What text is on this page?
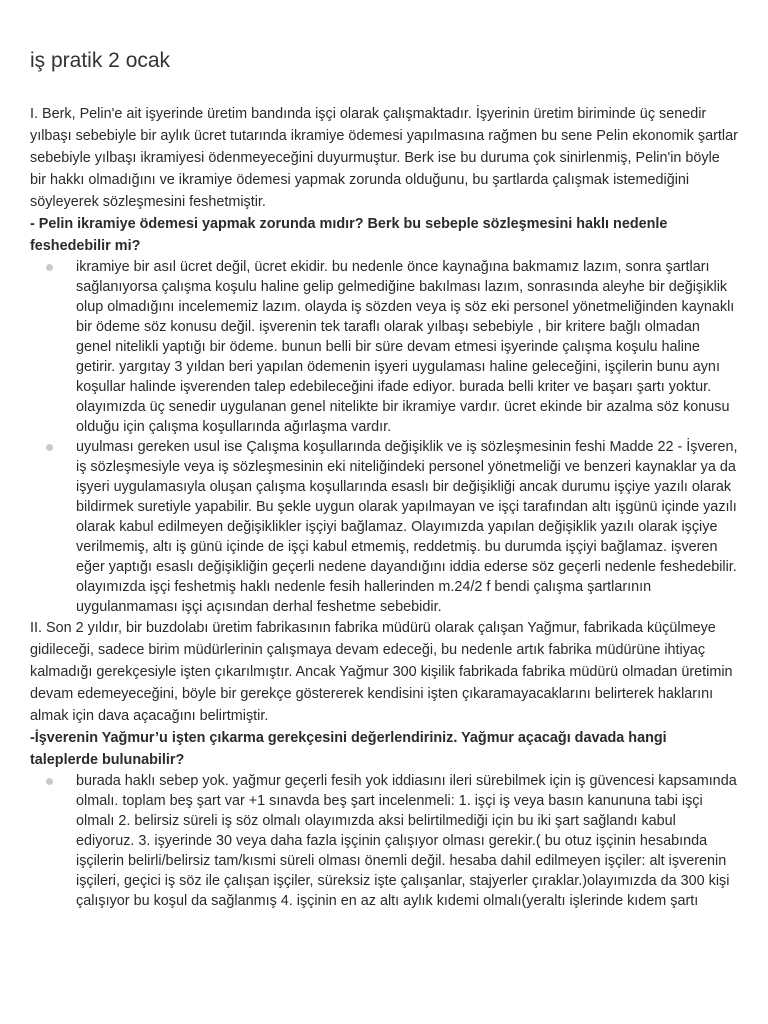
iş pratik 2 ocak

I. Berk, Pelin'e ait işyerinde üretim bandında işçi olarak çalışmaktadır. İşyerinin üretim biriminde üç senedir yılbaşı sebebiyle bir aylık ücret tutarında ikramiye ödemesi yapılmasına rağmen bu sene Pelin ekonomik şartlar sebebiyle yılbaşı ikramiyesi ödenmeyeceğini duyurmuştur. Berk ise bu duruma çok sinirlenmiş, Pelin'in böyle bir hakkı olmadığını ve ikramiye ödemesi yapmak zorunda olduğunu, bu şartlarda çalışmak istemediğini söyleyerek sözleşmesini feshetmiştir.

- Pelin ikramiye ödemesi yapmak zorunda mıdır? Berk bu sebeple sözleşmesini haklı nedenle feshedebilir mi?

ikramiye bir asıl ücret değil, ücret ekidir. bu nedenle önce kaynağına bakmamız lazım, sonra şartları sağlanıyorsa çalışma koşulu haline gelip gelmediğine bakılması lazım, sonrasında aleyhe bir değişiklik olup olmadığını incelememiz lazım. olayda iş sözden veya iş söz eki personel yönetmeliğinden kaynaklı bir ödeme söz konusu değil. işverenin tek taraflı olarak yılbaşı sebebiyle , bir kritere bağlı olmadan genel nitelikli yaptığı bir ödeme. bunun belli bir süre devam etmesi işyerinde çalışma koşulu haline getirir. yargıtay 3 yıldan beri yapılan ödemenin işyeri uygulaması haline geleceğini, işçilerin bunu aynı koşullar halinde işverenden talep edebileceğini ifade ediyor. burada belli kriter ve başarı şartı yoktur. olayımızda üç senedir uygulanan genel nitelikte bir ikramiye vardır. ücret ekinde bir azalma söz konusu olduğu için çalışma koşullarında ağırlaşma vardır.
uyulması gereken usul ise Çalışma koşullarında değişiklik ve iş sözleşmesinin feshi Madde 22 - İşveren, iş sözleşmesiyle veya iş sözleşmesinin eki niteliğindeki personel yönetmeliği ve benzeri kaynaklar ya da işyeri uygulamasıyla oluşan çalışma koşullarında esaslı bir değişikliği ancak durumu işçiye yazılı olarak bildirmek suretiyle yapabilir. Bu şekle uygun olarak yapılmayan ve işçi tarafından altı işgünü içinde yazılı olarak kabul edilmeyen değişiklikler işçiyi bağlamaz. Olayımızda yapılan değişiklik yazılı olarak işçiye verilmemiş, altı iş günü içinde de işçi kabul etmemiş, reddetmiş. bu durumda işçiyi bağlamaz. işveren eğer yaptığı esaslı değişikliğin geçerli nedene dayandığını iddia ederse söz geçerli nedenle feshedebilir. olayımızda işçi feshetmiş haklı nedenle fesih hallerinden m.24/2 f bendi çalışma şartlarının uygulanmaması işçi açısından derhal feshetme sebebidir.

II. Son 2 yıldır, bir buzdolabı üretim fabrikasının fabrika müdürü olarak çalışan Yağmur, fabrikada küçülmeye gidileceği, sadece birim müdürlerinin çalışmaya devam edeceği, bu nedenle artık fabrika müdürüne ihtiyaç kalmadığı gerekçesiyle işten çıkarılmıştır. Ancak Yağmur 300 kişilik fabrikada fabrika müdürü olmadan üretimin devam edemeyeceğini, böyle bir gerekçe göstererek kendisini işten çıkaramayacaklarını belirterek haklarını almak için dava açacağını belirtmiştir.

-İşverenin Yağmur’u işten çıkarma gerekçesini değerlendiriniz. Yağmur açacağı davada hangi taleplerde bulunabilir?

burada haklı sebep yok. yağmur geçerli fesih yok iddiasını ileri sürebilmek için iş güvencesi kapsamında olmalı. toplam beş şart var +1 sınavda beş şart incelenmeli: 1. işçi iş veya basın kanununa tabi işçi olmalı 2. belirsiz süreli iş söz olmalı olayımızda aksi belirtilmediği için bu iki şart sağlandı kabul ediyoruz. 3. işyerinde 30 veya daha fazla işçinin çalışıyor olması gerekir.( bu otuz işçinin hesabında işçilerin belirli/belirsiz tam/kısmi süreli olması önemli değil. hesaba dahil edilmeyen işçiler: alt işverenin işçileri, geçici iş söz ile çalışan işçiler, süreksiz işte çalışanlar, stajyerler çıraklar.)olayımızda da 300 kişi çalışıyor bu koşul da sağlanmış 4. işçinin en az altı aylık kıdemi olmalı(yeraltı işlerinde kıdem şartı
